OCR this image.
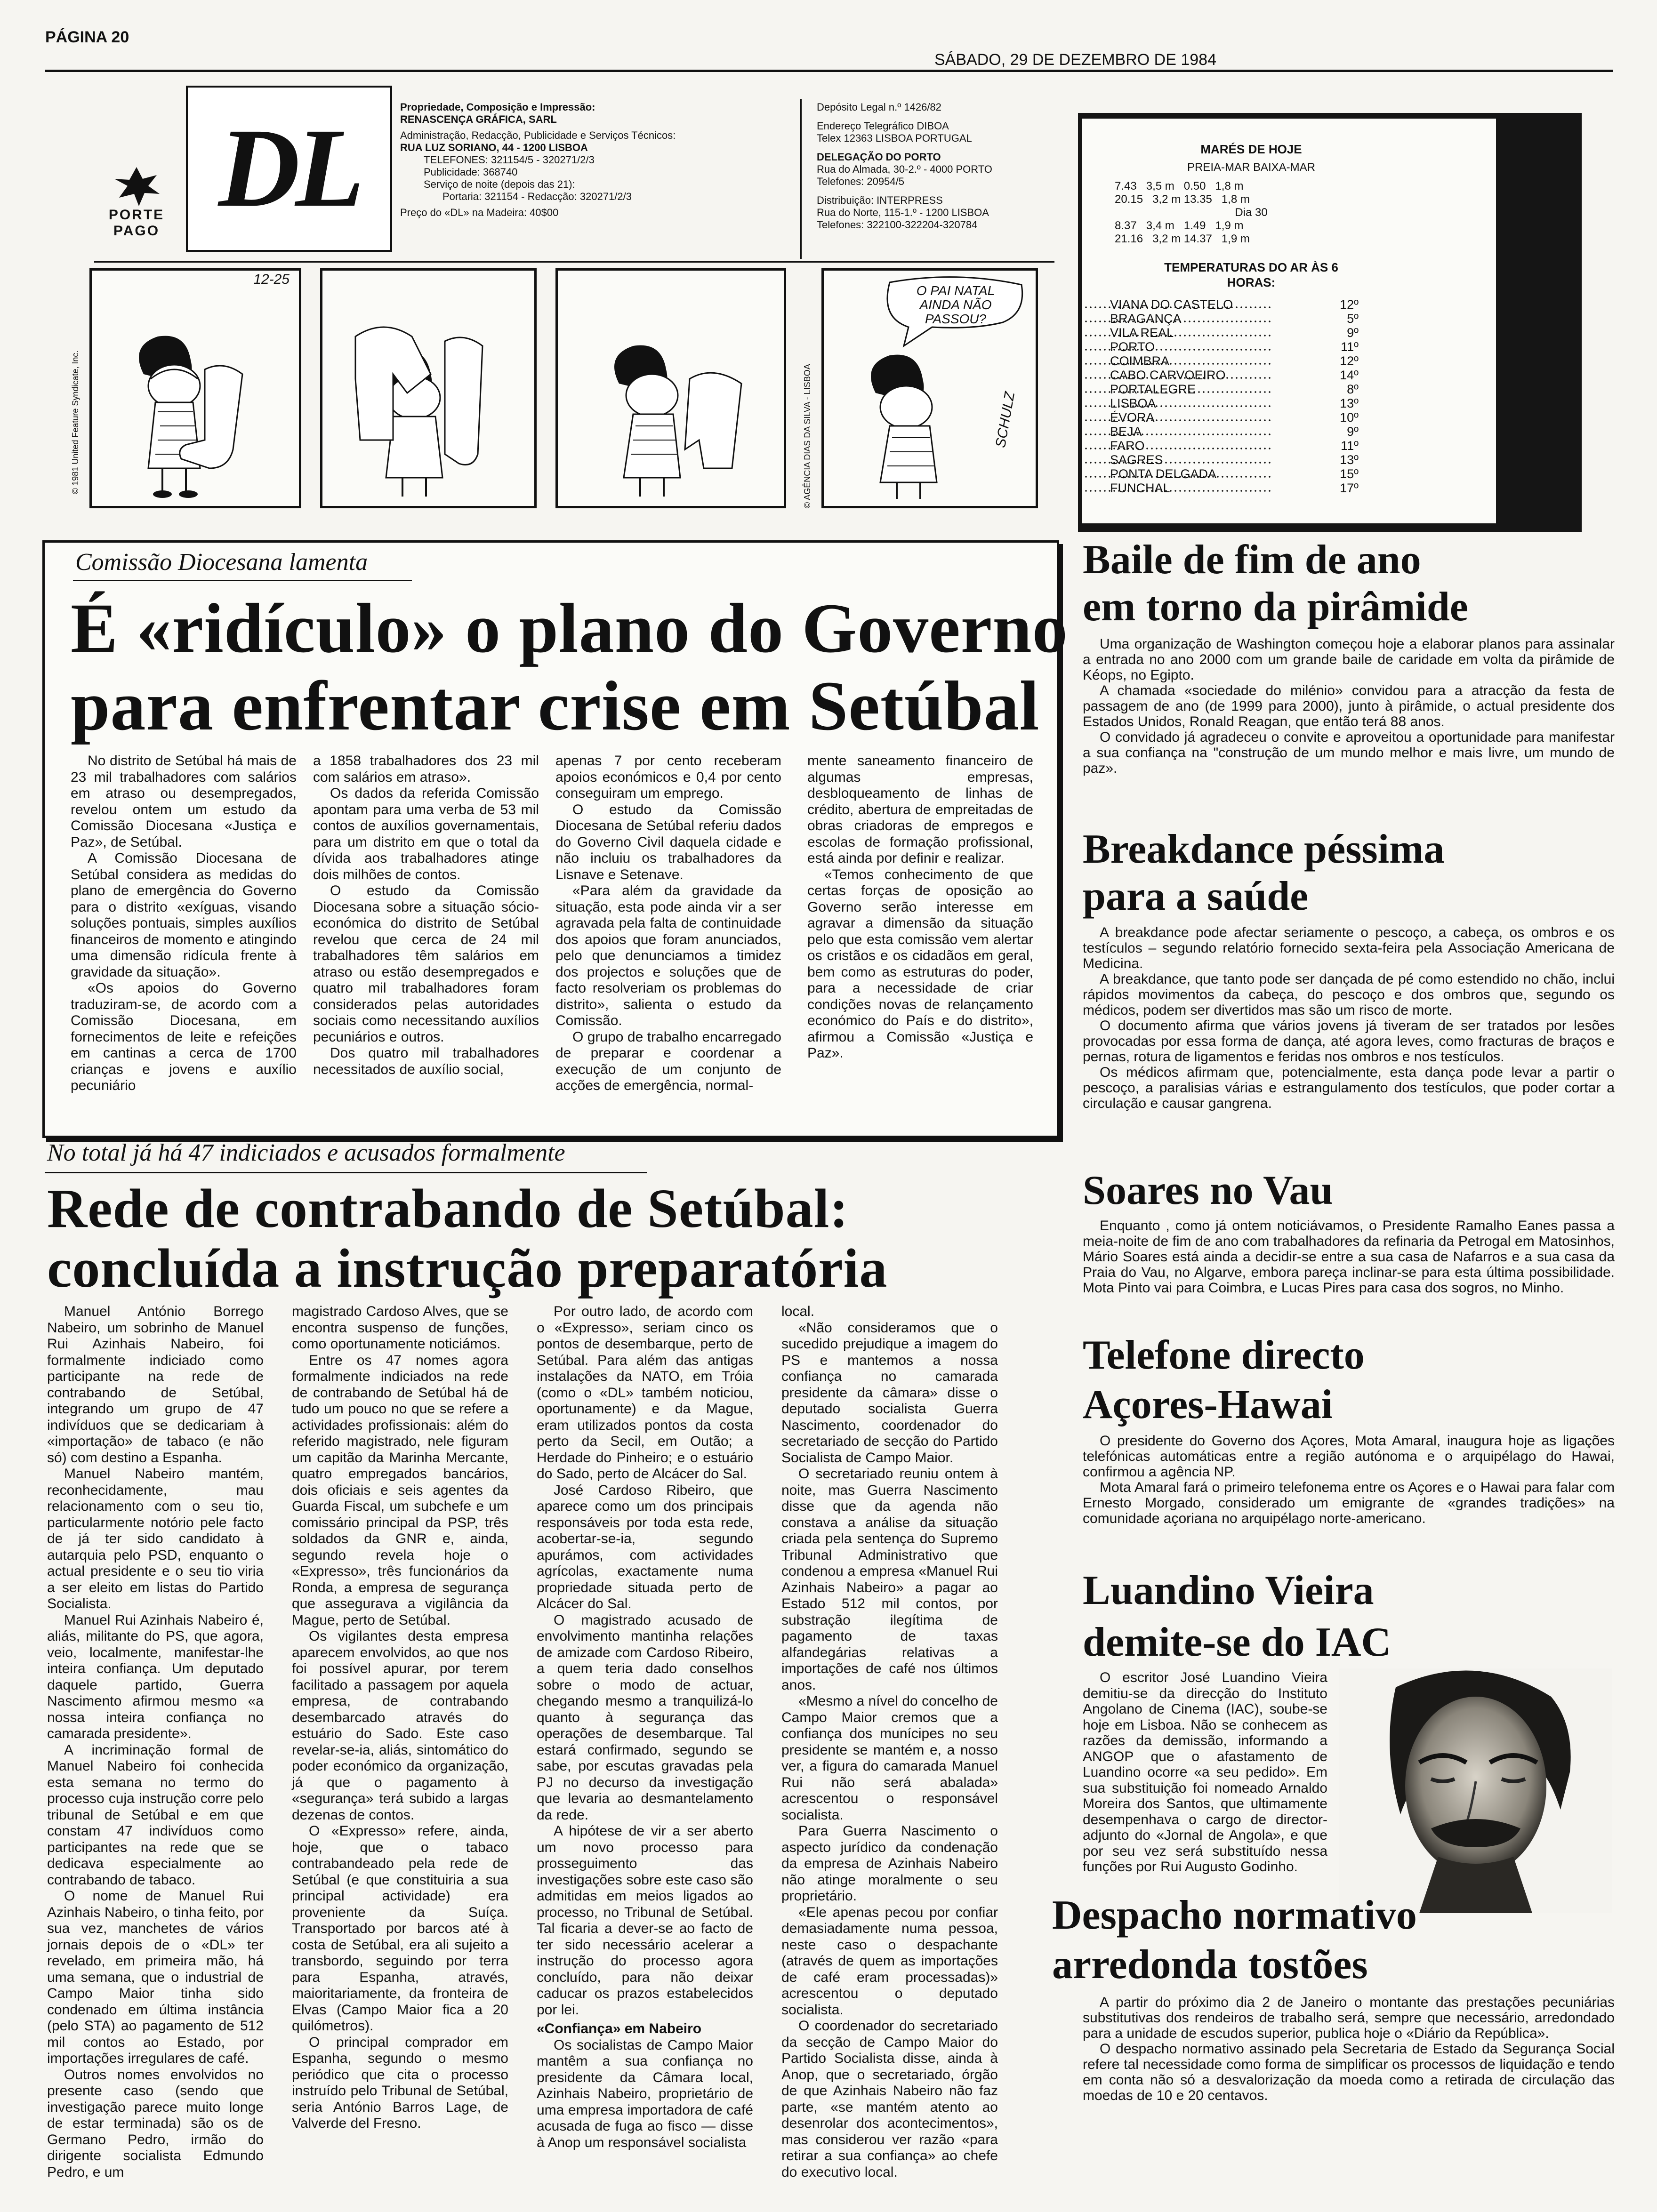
PÁGINA 20
SÁBADO, 29 DE DEZEMBRO DE 1984
PORTE PAGO
DL	Propriedade, Composição e Impressão:
RENASCENÇA GRÁFICA, SARL
Administração, Redacção, Publicidade e Serviços Técnicos:
RUA LUZ SORIANO, 44 - 1200 LISBOA
TELEFONES: 321154/5 - 320271/2/3
Publicidade: 368740
Serviço de noite (depois das 21):
Portaria: 321154 - Redacção: 320271/2/3
Preço do «DL» na Madeira: 40$00
Depósito Legal n.º 1426/82
Endereço Telegráfico DIBOA
Telex 12363 LISBOA PORTUGAL
DELEGAÇÃO DO PORTO
Rua do Almada, 30-2.º - 4000 PORTO
Telefones: 20954/5
Distribuição: INTERPRESS
Rua do Norte, 115-1.º - 1200 LISBOA
Telefones: 322100-322204-320784
© 1981 United Feature Syndicate, Inc.
12-25
© AGÊNCIA DIAS DA SILVA - LISBOA
O PAI NATAL AINDA NÃO PASSOU?
SCHULZ
MARÉS DE HOJE
PREIA-MAR BAIXA-MAR
7.43   3,5 m   0.50   1,8 m
20.15   3,2 m 13.35   1,8 m
Dia 30
8.37   3,4 m   1.49   1,9 m
21.16   3,2 m 14.37   1,9 m
TEMPERATURAS DO AR ÀS 6 HORAS:
VIANA DO CASTELO	12º
BRAGANÇA	5º
VILA REAL	9º
PORTO	11º
COIMBRA	12º
CABO CARVOEIRO	14º
PORTALEGRE	8º
LISBOA	13º
ÉVORA	10º
BEJA	9º
FARO	11º
SAGRES	13º
PONTA DELGADA	15º
FUNCHAL	17º
Comissão Diocesana lamenta
É «ridículo» o plano do Governo
para enfrentar crise em Setúbal

No distrito de Setúbal há mais de 23 mil trabalhadores com salários em atraso ou desempregados, revelou ontem um estudo da Comissão Diocesana «Justiça e Paz», de Setúbal.

A Comissão Diocesana de Setúbal considera as medidas do plano de emergência do Governo para o distrito «exíguas, visando soluções pontuais, simples auxílios financeiros de momento e atingindo uma dimensão ridícula frente à gravidade da situação».

«Os apoios do Governo traduziram-se, de acordo com a Comissão Diocesana, em fornecimentos de leite e refeições em cantinas a cerca de 1700 crianças e jovens e auxílio pecuniário

a 1858 trabalhadores dos 23 mil com salários em atraso».

Os dados da referida Comissão apontam para uma verba de 53 mil contos de auxílios governamentais, para um distrito em que o total da dívida aos trabalhadores atinge dois milhões de contos.

O estudo da Comissão Diocesana sobre a situação sócio-económica do distrito de Setúbal revelou que cerca de 24 mil trabalhadores têm salários em atraso ou estão desempregados e quatro mil trabalhadores foram considerados pelas autoridades sociais como necessitando auxílios pecuniários e outros.

Dos quatro mil trabalhadores necessitados de auxílio social,

apenas 7 por cento receberam apoios económicos e 0,4 por cento conseguiram um emprego.

O estudo da Comissão Diocesana de Setúbal referiu dados do Governo Civil daquela cidade e não incluiu os trabalhadores da Lisnave e Setenave.

«Para além da gravidade da situação, esta pode ainda vir a ser agravada pela falta de continuidade dos apoios que foram anunciados, pelo que denunciamos a timidez dos projectos e soluções que de facto resolveriam os problemas do distrito», salienta o estudo da Comissão.

O grupo de trabalho encarregado de preparar e coordenar a execução de um conjunto de acções de emergência, normal-

mente saneamento financeiro de algumas empresas, desbloqueamento de linhas de crédito, abertura de empreitadas de obras criadoras de empregos e escolas de formação profissional, está ainda por definir e realizar.

«Temos conhecimento de que certas forças de oposição ao Governo serão interesse em agravar a dimensão da situação pelo que esta comissão vem alertar os cristãos e os cidadãos em geral, bem como as estruturas do poder, para a necessidade de criar condições novas de relançamento económico do País e do distrito», afirmou a Comissão «Justiça e Paz».

No total já há 47 indiciados e acusados formalmente
Rede de contrabando de Setúbal:
concluída a instrução preparatória

Manuel António Borrego Nabeiro, um sobrinho de Manuel Rui Azinhais Nabeiro, foi formalmente indiciado como participante na rede de contrabando de Setúbal, integrando um grupo de 47 indivíduos que se dedicariam à «importação» de tabaco (e não só) com destino a Espanha.

Manuel Nabeiro mantém, reconhecidamente, mau relacionamento com o seu tio, particularmente notório pele facto de já ter sido candidato à autarquia pelo PSD, enquanto o actual presidente e o seu tio viria a ser eleito em listas do Partido Socialista.

Manuel Rui Azinhais Nabeiro é, aliás, militante do PS, que agora, veio, localmente, manifestar-lhe inteira confiança. Um deputado daquele partido, Guerra Nascimento afirmou mesmo «a nossa inteira confiança no camarada presidente».

A incriminação formal de Manuel Nabeiro foi conhecida esta semana no termo do processo cuja instrução corre pelo tribunal de Setúbal e em que constam 47 indivíduos como participantes na rede que se dedicava especialmente ao contrabando de tabaco.

O nome de Manuel Rui Azinhais Nabeiro, o tinha feito, por sua vez, manchetes de vários jornais depois de o «DL» ter revelado, em primeira mão, há uma semana, que o industrial de Campo Maior tinha sido condenado em última instância (pelo STA) ao pagamento de 512 mil contos ao Estado, por importações irregulares de café.

Outros nomes envolvidos no presente caso (sendo que investigação parece muito longe de estar terminada) são os de Germano Pedro, irmão do dirigente socialista Edmundo Pedro, e um

magistrado Cardoso Alves, que se encontra suspenso de funções, como oportunamente noticiámos.

Entre os 47 nomes agora formalmente indiciados na rede de contrabando de Setúbal há de tudo um pouco no que se refere a actividades profissionais: além do referido magistrado, nele figuram um capitão da Marinha Mercante, quatro empregados bancários, dois oficiais e seis agentes da Guarda Fiscal, um subchefe e um comissário principal da PSP, três soldados da GNR e, ainda, segundo revela hoje o «Expresso», três funcionários da Ronda, a empresa de segurança que assegurava a vigilância da Mague, perto de Setúbal.

Os vigilantes desta empresa aparecem envolvidos, ao que nos foi possível apurar, por terem facilitado a passagem por aquela empresa, de contrabando desembarcado através do estuário do Sado. Este caso revelar-se-ia, aliás, sintomático do poder económico da organização, já que o pagamento à «segurança» terá subido a largas dezenas de contos.

O «Expresso» refere, ainda, hoje, que o tabaco contrabandeado pela rede de Setúbal (e que constituiria a sua principal actividade) era proveniente da Suíça. Transportado por barcos até à costa de Setúbal, era ali sujeito a transbordo, seguindo por terra para Espanha, através, maioritariamente, da fronteira de Elvas (Campo Maior fica a 20 quilómetros).

O principal comprador em Espanha, segundo o mesmo periódico que cita o processo instruído pelo Tribunal de Setúbal, seria António Barros Lage, de Valverde del Fresno.

Por outro lado, de acordo com o «Expresso», seriam cinco os pontos de desembarque, perto de Setúbal. Para além das antigas instalações da NATO, em Tróia (como o «DL» também noticiou, oportunamente) e da Mague, eram utilizados pontos da costa perto da Secil, em Outão; a Herdade do Pinheiro; e o estuário do Sado, perto de Alcácer do Sal.

José Cardoso Ribeiro, que aparece como um dos principais responsáveis por toda esta rede, acobertar-se-ia, segundo apurámos, com actividades agrícolas, exactamente numa propriedade situada perto de Alcácer do Sal.

O magistrado acusado de envolvimento mantinha relações de amizade com Cardoso Ribeiro, a quem teria dado conselhos sobre o modo de actuar, chegando mesmo a tranquilizá-lo quanto à segurança das operações de desembarque. Tal estará confirmado, segundo se sabe, por escutas gravadas pela PJ no decurso da investigação que levaria ao desmantelamento da rede.

A hipótese de vir a ser aberto um novo processo para prosseguimento das investigações sobre este caso são admitidas em meios ligados ao processo, no Tribunal de Setúbal. Tal ficaria a dever-se ao facto de ter sido necessário acelerar a instrução do processo agora concluído, para não deixar caducar os prazos estabelecidos por lei.

«Confiança» em Nabeiro

Os socialistas de Campo Maior mantêm a sua confiança no presidente da Câmara local, Azinhais Nabeiro, proprietário de uma empresa importadora de café acusada de fuga ao fisco — disse à Anop um responsável socialista

local.

«Não consideramos que o sucedido prejudique a imagem do PS e mantemos a nossa confiança no camarada presidente da câmara» disse o deputado socialista Guerra Nascimento, coordenador do secretariado de secção do Partido Socialista de Campo Maior.

O secretariado reuniu ontem à noite, mas Guerra Nascimento disse que da agenda não constava a análise da situação criada pela sentença do Supremo Tribunal Administrativo que condenou a empresa «Manuel Rui Azinhais Nabeiro» a pagar ao Estado 512 mil contos, por substração ilegítima de pagamento de taxas alfandegárias relativas a importações de café nos últimos anos.

«Mesmo a nível do concelho de Campo Maior cremos que a confiança dos munícipes no seu presidente se mantém e, a nosso ver, a figura do camarada Manuel Rui não será abalada» acrescentou o responsável socialista.

Para Guerra Nascimento o aspecto jurídico da condenação da empresa de Azinhais Nabeiro não atinge moralmente o seu proprietário.

«Ele apenas pecou por confiar demasiadamente numa pessoa, neste caso o despachante (através de quem as importações de café eram processadas)» acrescentou o deputado socialista.

O coordenador do secretariado da secção de Campo Maior do Partido Socialista disse, ainda à Anop, que o secretariado, órgão de que Azinhais Nabeiro não faz parte, «se mantém atento ao desenrolar dos acontecimentos», mas considerou ver razão «para retirar a sua confiança» ao chefe do executivo local.

Baile de fim de ano
em torno da pirâmide

Uma organização de Washington começou hoje a elaborar planos para assinalar a entrada no ano 2000 com um grande baile de caridade em volta da pirâmide de Kéops, no Egipto.

A chamada «sociedade do milénio» convidou para a atracção da festa de passagem de ano (de 1999 para 2000), junto à pirâmide, o actual presidente dos Estados Unidos, Ronald Reagan, que então terá 88 anos.

O convidado já agradeceu o convite e aproveitou a oportunidade para manifestar a sua confiança na "construção de um mundo melhor e mais livre, um mundo de paz».

Breakdance péssima
para a saúde

A breakdance pode afectar seriamente o pescoço, a cabeça, os ombros e os testículos – segundo relatório fornecido sexta-feira pela Associação Americana de Medicina.

A breakdance, que tanto pode ser dançada de pé como estendido no chão, inclui rápidos movimentos da cabeça, do pescoço e dos ombros que, segundo os médicos, podem ser divertidos mas são um risco de morte.

O documento afirma que vários jovens já tiveram de ser tratados por lesões provocadas por essa forma de dança, até agora leves, como fracturas de braços e pernas, rotura de ligamentos e feridas nos ombros e nos testículos.

Os médicos afirmam que, potencialmente, esta dança pode levar a partir o pescoço, a paralisias várias e estrangulamento dos testículos, que poder cortar a circulação e causar gangrena.

Soares no Vau

Enquanto , como já ontem noticiávamos, o Presidente Ramalho Eanes passa a meia-noite de fim de ano com trabalhadores da refinaria da Petrogal em Matosinhos, Mário Soares está ainda a decidir-se entre a sua casa de Nafarros e a sua casa da Praia do Vau, no Algarve, embora pareça inclinar-se para esta última possibilidade. Mota Pinto vai para Coimbra, e Lucas Pires para casa dos sogros, no Minho.

Telefone directo
Açores-Hawai

O presidente do Governo dos Açores, Mota Amaral, inaugura hoje as ligações telefónicas automáticas entre a região autónoma e o arquipélago do Hawai, confirmou a agência NP.

Mota Amaral fará o primeiro telefonema entre os Açores e o Hawai para falar com Ernesto Morgado, considerado um emigrante de «grandes tradições» na comunidade açoriana no arquipélago norte-americano.

Luandino Vieira
demite-se do IAC

O escritor José Luandino Vieira demitiu-se da direcção do Instituto Angolano de Cinema (IAC), soube-se hoje em Lisboa. Não se conhecem as razões da demissão, informando a ANGOP que o afastamento de Luandino ocorre «a seu pedido». Em sua substituição foi nomeado Arnaldo Moreira dos Santos, que ultimamente desempenhava o cargo de director-adjunto do «Jornal de Angola», e que por seu vez será substituído nessa funções por Rui Augusto Godinho.

Despacho normativo
arredonda tostões

A partir do próximo dia 2 de Janeiro o montante das prestações pecuniárias substitutivas dos rendeiros de trabalho será, sempre que necessário, arredondado para a unidade de escudos superior, publica hoje o «Diário da República».

O despacho normativo assinado pela Secretaria de Estado da Segurança Social refere tal necessidade como forma de simplificar os processos de liquidação e tendo em conta não só a desvalorização da moeda como a retirada de circulação das moedas de 10 e 20 centavos.
